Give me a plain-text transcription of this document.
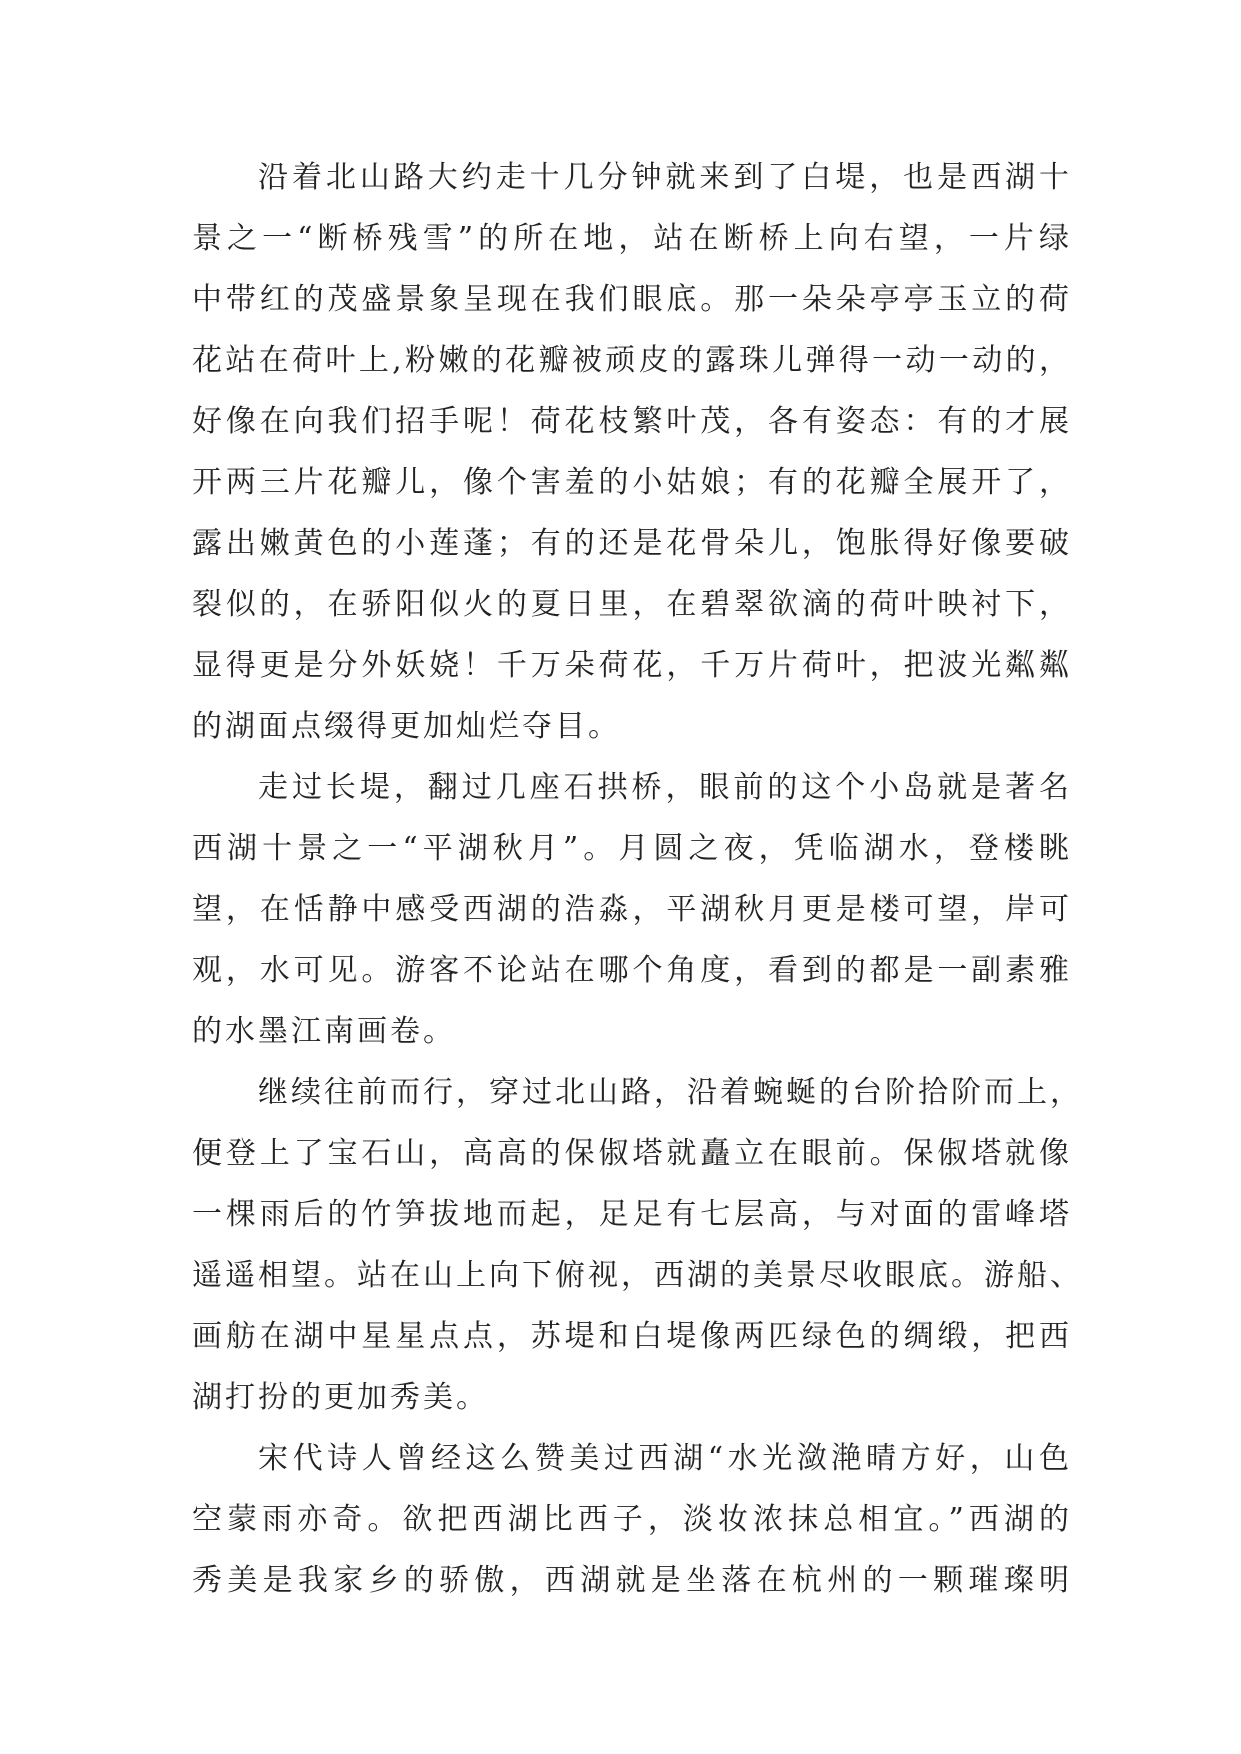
沿着北山路大约走十几分钟就来到了白堤，也是西湖十
景之一“断桥残雪”的所在地，站在断桥上向右望，一片绿
中带红的茂盛景象呈现在我们眼底。那一朵朵亭亭玉立的荷
花站在荷叶上,粉嫩的花瓣被顽皮的露珠儿弹得一动一动的，
好像在向我们招手呢！荷花枝繁叶茂，各有姿态：有的才展
开两三片花瓣儿，像个害羞的小姑娘；有的花瓣全展开了，
露出嫩黄色的小莲蓬；有的还是花骨朵儿，饱胀得好像要破
裂似的，在骄阳似火的夏日里，在碧翠欲滴的荷叶映衬下，
显得更是分外妖娆！千万朵荷花，千万片荷叶，把波光粼粼
的湖面点缀得更加灿烂夺目。
走过长堤，翻过几座石拱桥，眼前的这个小岛就是著名
西湖十景之一“平湖秋月”。月圆之夜，凭临湖水，登楼眺
望，在恬静中感受西湖的浩淼，平湖秋月更是楼可望，岸可
观，水可见。游客不论站在哪个角度，看到的都是一副素雅
的水墨江南画卷。
继续往前而行，穿过北山路，沿着蜿蜒的台阶拾阶而上，
便登上了宝石山，高高的保俶塔就矗立在眼前。保俶塔就像
一棵雨后的竹笋拔地而起，足足有七层高，与对面的雷峰塔
遥遥相望。站在山上向下俯视，西湖的美景尽收眼底。游船、
画舫在湖中星星点点，苏堤和白堤像两匹绿色的绸缎，把西
湖打扮的更加秀美。
宋代诗人曾经这么赞美过西湖“水光潋滟晴方好，山色
空蒙雨亦奇。欲把西湖比西子，淡妆浓抹总相宜。”西湖的
秀美是我家乡的骄傲，西湖就是坐落在杭州的一颗璀璨明
